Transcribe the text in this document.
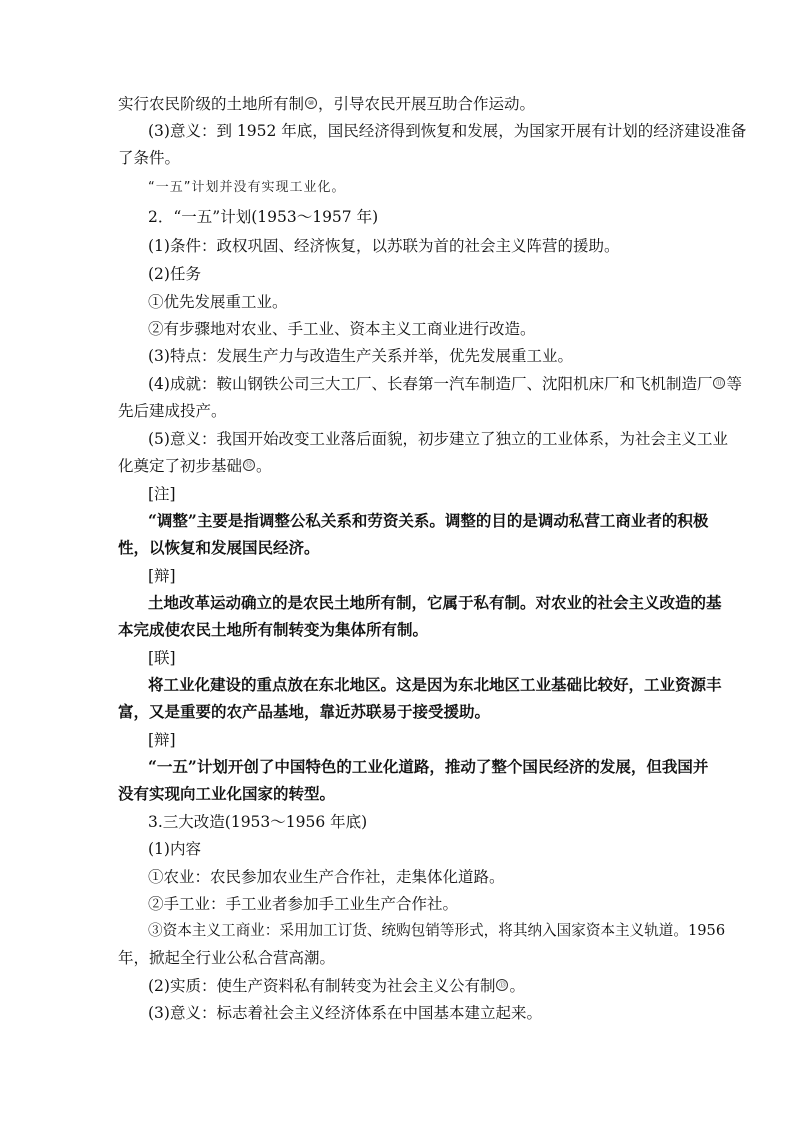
实行农民阶级的土地所有制 ⑩ ，引导农民开展互助合作运动。
(3)意义：到 1952 年底，国民经济得到恢复和发展，为国家开展有计划的经济建设准备
了条件。
“一五”计划并没有实现工业化。
2．“一五”计划(1953～1957 年)
(1)条件：政权巩固、经济恢复，以苏联为首的社会主义阵营的援助。
(2)任务
①优先发展重工业。
②有步骤地对农业、手工业、资本主义工商业进行改造。
(3)特点：发展生产力与改造生产关系并举，优先发展重工业。
(4)成就：鞍山钢铁公司三大工厂、长春第一汽车制造厂、沈阳机床厂和飞机制造厂 ⑪ 等
先后建成投产。
(5)意义：我国开始改变工业落后面貌，初步建立了独立的工业体系，为社会主义工业
化奠定了初步基础 ⑫ 。
[注]
“调整”主要是指调整公私关系和劳资关系。调整的目的是调动私营工商业者的积极
性，以恢复和发展国民经济。
[辩]
土地改革运动确立的是农民土地所有制，它属于私有制。对农业的社会主义改造的基
本完成使农民土地所有制转变为集体所有制。
[联]
将工业化建设的重点放在东北地区。这是因为东北地区工业基础比较好，工业资源丰
富，又是重要的农产品基地，靠近苏联易于接受援助。
[辩]
“一五”计划开创了中国特色的工业化道路，推动了整个国民经济的发展，但我国并
没有实现向工业化国家的转型。
3.三大改造(1953～1956 年底)
(1)内容
①农业：农民参加农业生产合作社，走集体化道路。
②手工业：手工业者参加手工业生产合作社。
③资本主义工商业：采用加工订货、统购包销等形式，将其纳入国家资本主义轨道。1956
年，掀起全行业公私合营高潮。
(2)实质：使生产资料私有制转变为社会主义公有制 ⑬ 。
(3)意义：标志着社会主义经济体系在中国基本建立起来。
